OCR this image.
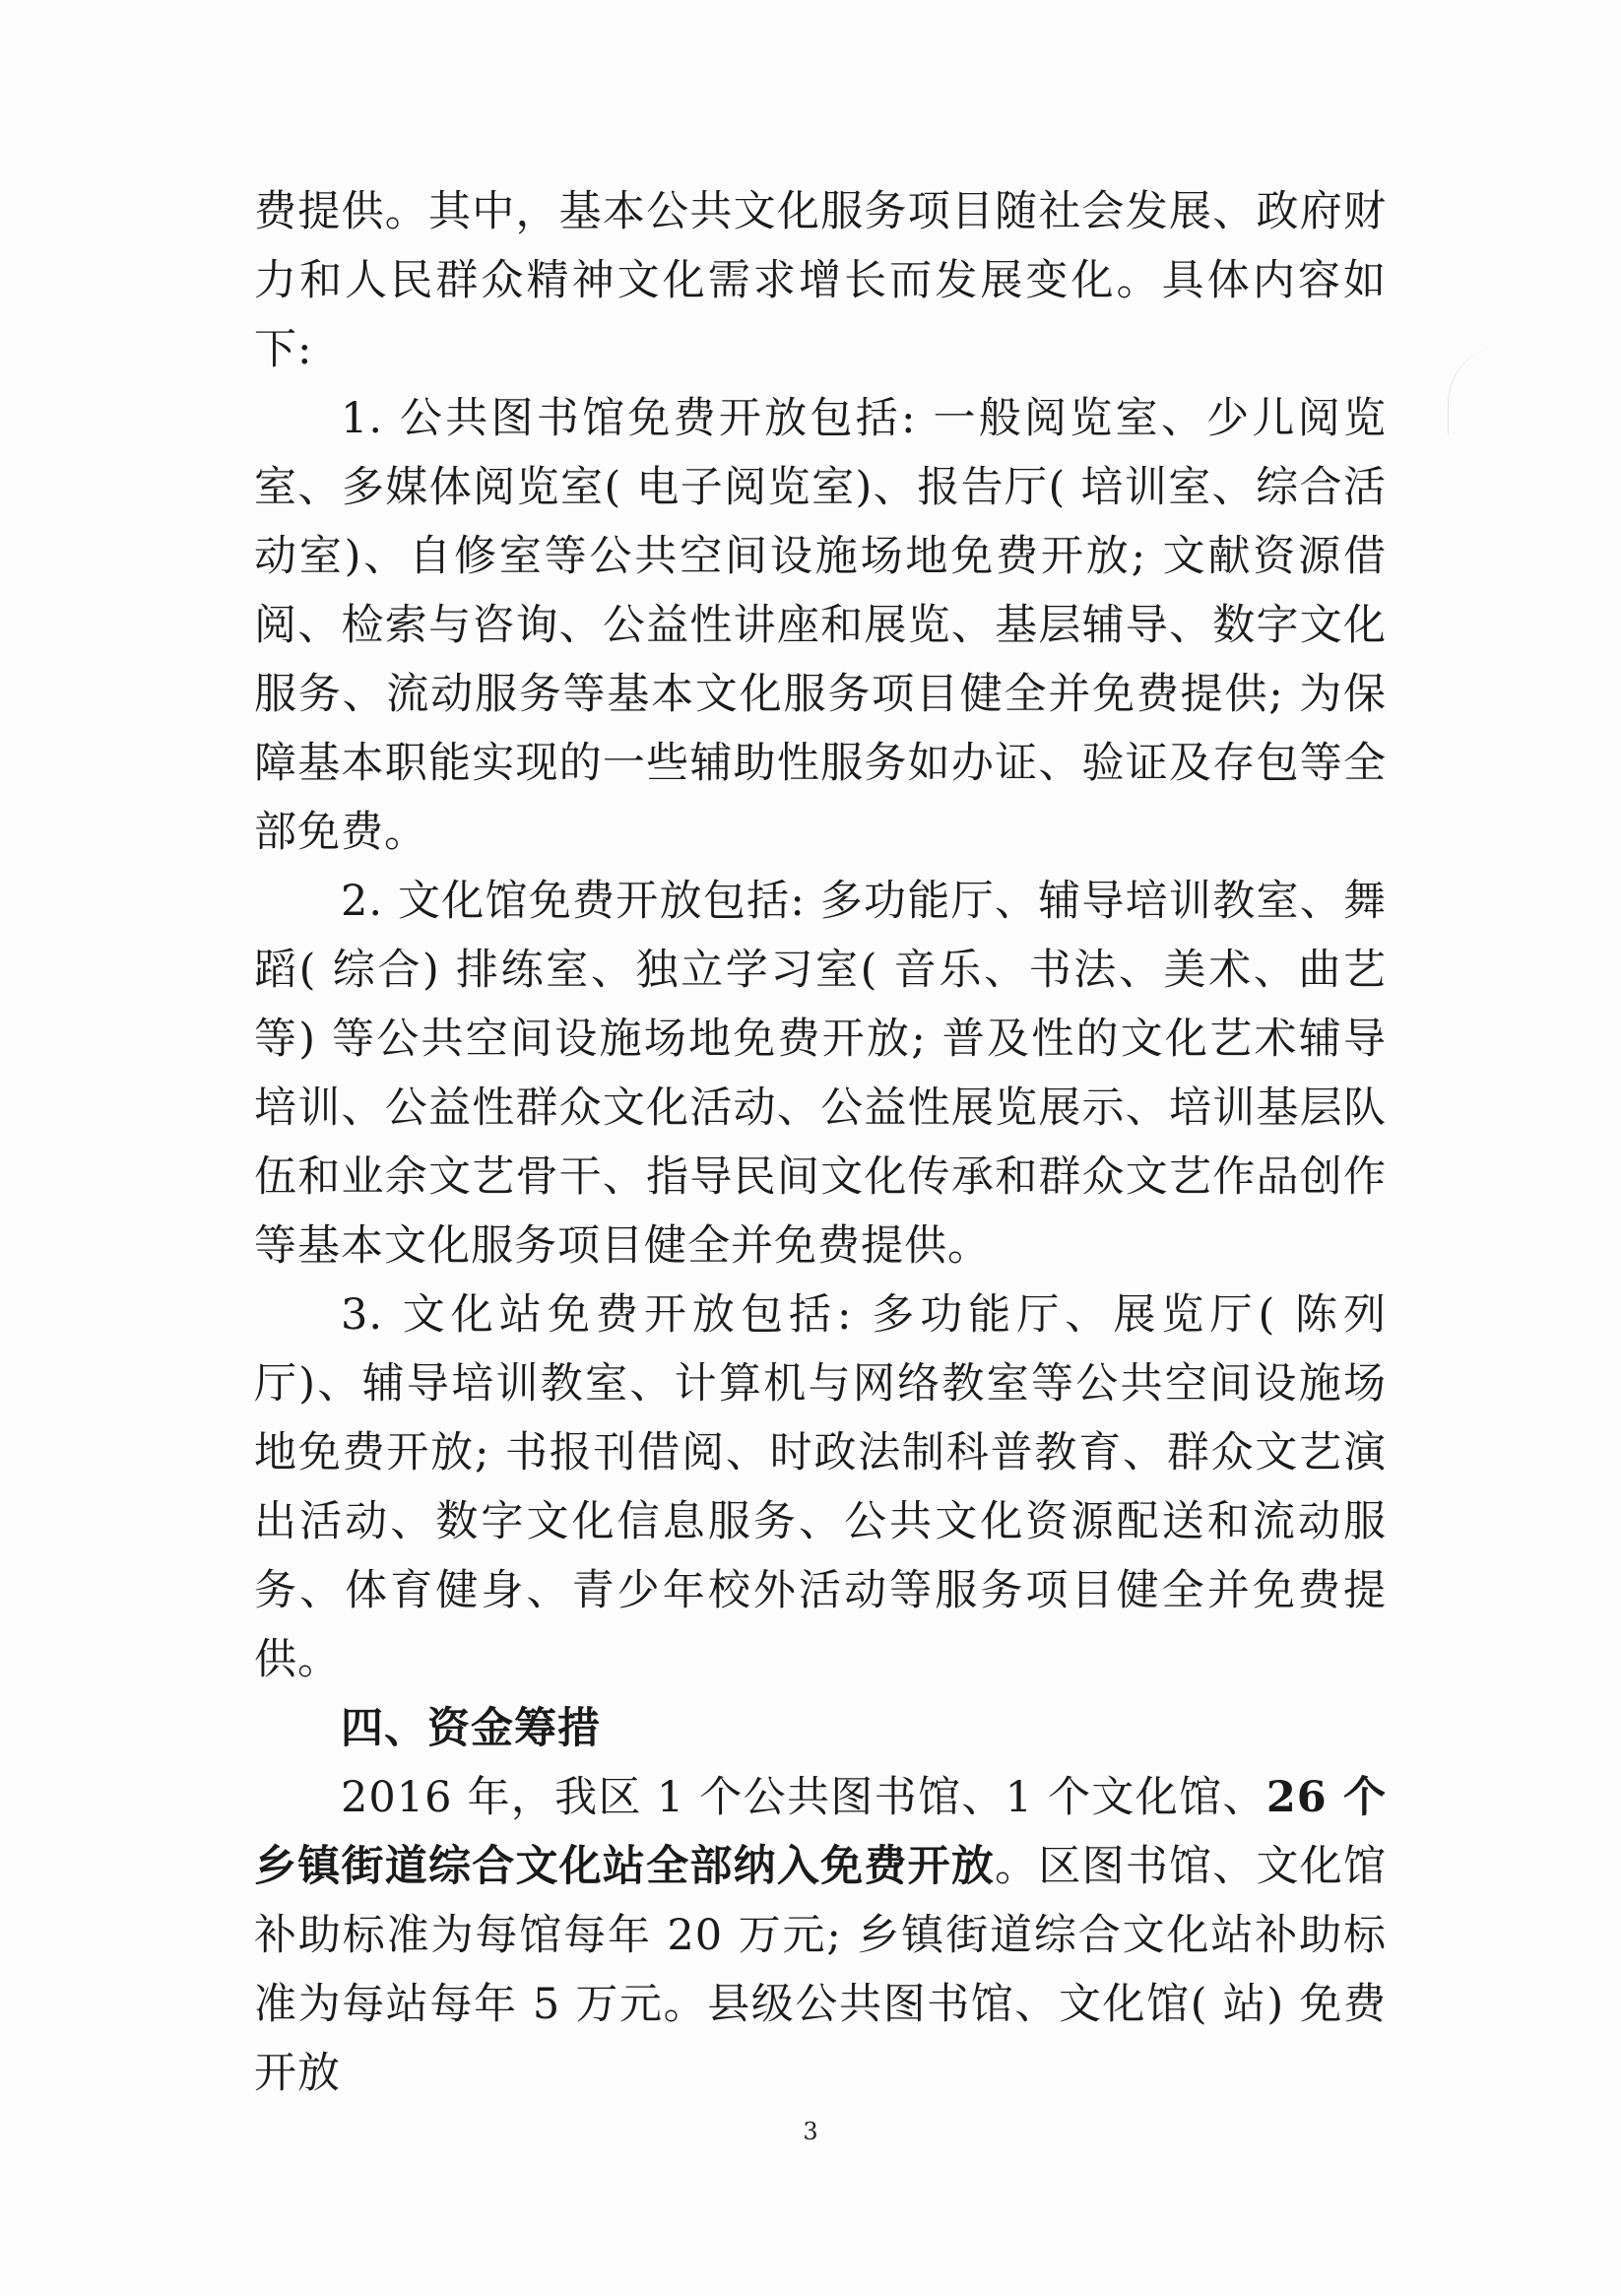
费提供。其中，基本公共文化服务项目随社会发展、政府财力和人民群众精神文化需求增长而发展变化。具体内容如下:

1. 公共图书馆免费开放包括: 一般阅览室、少儿阅览室、多媒体阅览室( 电子阅览室)、报告厅( 培训室、综合活动室)、自修室等公共空间设施场地免费开放; 文献资源借阅、检索与咨询、公益性讲座和展览、基层辅导、数字文化服务、流动服务等基本文化服务项目健全并免费提供; 为保障基本职能实现的一些辅助性服务如办证、验证及存包等全部免费。

2. 文化馆免费开放包括: 多功能厅、辅导培训教室、舞蹈( 综合) 排练室、独立学习室( 音乐、书法、美术、曲艺等) 等公共空间设施场地免费开放; 普及性的文化艺术辅导培训、公益性群众文化活动、公益性展览展示、培训基层队伍和业余文艺骨干、指导民间文化传承和群众文艺作品创作等基本文化服务项目健全并免费提供。

3. 文化站免费开放包括: 多功能厅、展览厅( 陈列厅)、辅导培训教室、计算机与网络教室等公共空间设施场地免费开放; 书报刊借阅、时政法制科普教育、群众文艺演出活动、数字文化信息服务、公共文化资源配送和流动服务、体育健身、青少年校外活动等服务项目健全并免费提供。

四、资金筹措

2016 年，我区 1 个公共图书馆、1 个文化馆、26 个乡镇街道综合文化站全部纳入免费开放。区图书馆、文化馆补助标准为每馆每年 20 万元; 乡镇街道综合文化站补助标准为每站每年 5 万元。县级公共图书馆、文化馆( 站) 免费开放

3
